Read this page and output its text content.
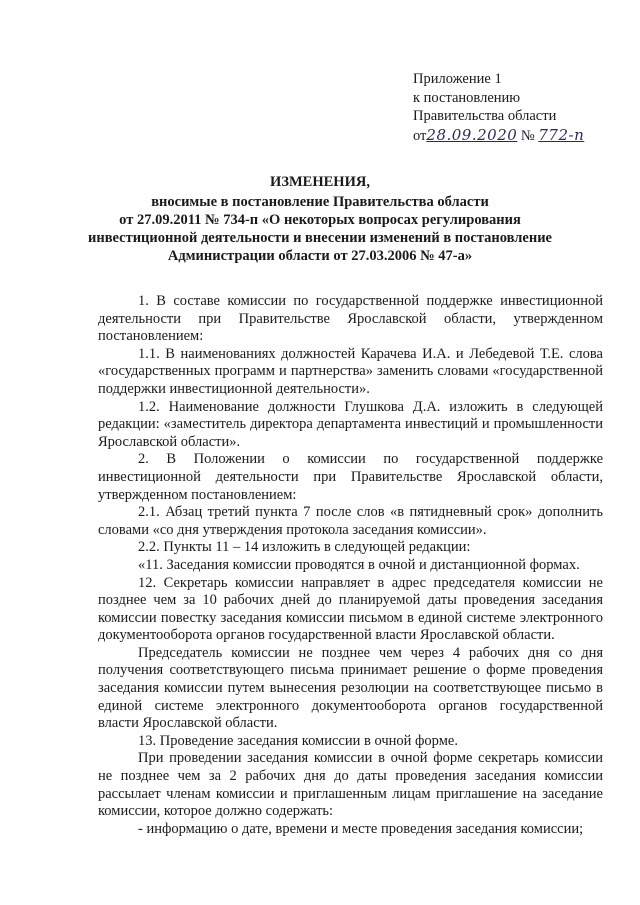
Приложение 1
к постановлению
Правительства области
от28.09.2020 № 772-п
ИЗМЕНЕНИЯ,
вносимые в постановление Правительства области
от 27.09.2011 № 734-п «О некоторых вопросах регулирования
инвестиционной деятельности и внесении изменений в постановление
Администрации области от 27.03.2006 № 47-а»

1. В составе комиссии по государственной поддержке инвестиционной деятельности при Правительстве Ярославской области, утвержденном постановлением:

1.1. В наименованиях должностей Карачева И.А. и Лебедевой Т.Е. слова «государственных программ и партнерства» заменить словами «государственной поддержки инвестиционной деятельности».

1.2. Наименование должности Глушкова Д.А. изложить в следующей редакции: «заместитель директора департамента инвестиций и промышленности Ярославской области».

2. В Положении о комиссии по государственной поддержке инвестиционной деятельности при Правительстве Ярославской области, утвержденном постановлением:

2.1. Абзац третий пункта 7 после слов «в пятидневный срок» дополнить словами «со дня утверждения протокола заседания комиссии».

2.2. Пункты 11 – 14 изложить в следующей редакции:

«11. Заседания комиссии проводятся в очной и дистанционной формах.

12. Секретарь комиссии направляет в адрес председателя комиссии не позднее чем за 10 рабочих дней до планируемой даты проведения заседания комиссии повестку заседания комиссии письмом в единой системе электронного документооборота органов государственной власти Ярославской области.

Председатель комиссии не позднее чем через 4 рабочих дня со дня получения соответствующего письма принимает решение о форме проведения заседания комиссии путем вынесения резолюции на соответствующее письмо в единой системе электронного документооборота органов государственной власти Ярославской области.

13. Проведение заседания комиссии в очной форме.

При проведении заседания комиссии в очной форме секретарь комиссии не позднее чем за 2 рабочих дня до даты проведения заседания комиссии рассылает членам комиссии и приглашенным лицам приглашение на заседание комиссии, которое должно содержать:

- информацию о дате, времени и месте проведения заседания комиссии;
